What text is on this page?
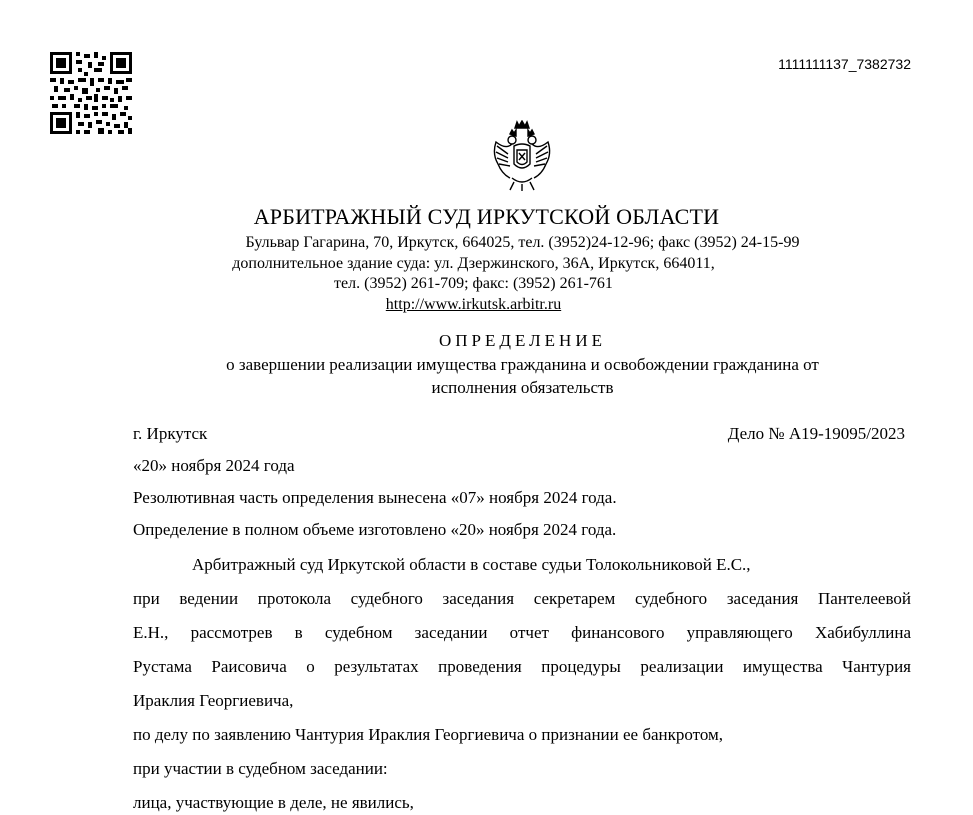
1111111137_7382732
АРБИТРАЖНЫЙ СУД ИРКУТСКОЙ ОБЛАСТИ
Бульвар Гагарина, 70, Иркутск, 664025, тел. (3952)24-12-96; факс (3952) 24-15-99
дополнительное здание суда: ул. Дзержинского, 36А, Иркутск, 664011,
тел. (3952) 261-709; факс: (3952) 261-761
http://www.irkutsk.arbitr.ru
ОПРЕДЕЛЕНИЕ
о завершении реализации имущества гражданина и освобождении гражданина от
исполнения обязательств
г. Иркутск	Дело № А19-19095/2023
«20» ноября 2024 года
Резолютивная часть определения вынесена «07» ноября 2024 года.
Определение в полном объеме изготовлено «20» ноября 2024 года.
Арбитражный суд Иркутской области в составе судьи Толокольниковой Е.С.,
при ведении протокола судебного заседания секретарем судебного заседания Пантелеевой
Е.Н., рассмотрев в судебном заседании отчет финансового управляющего Хабибуллина
Рустама Раисовича о результатах проведения процедуры реализации имущества Чантурия
Ираклия Георгиевича,
по делу по заявлению Чантурия Ираклия Георгиевича о признании ее банкротом,
при участии в судебном заседании:
лица, участвующие в деле, не явились,
